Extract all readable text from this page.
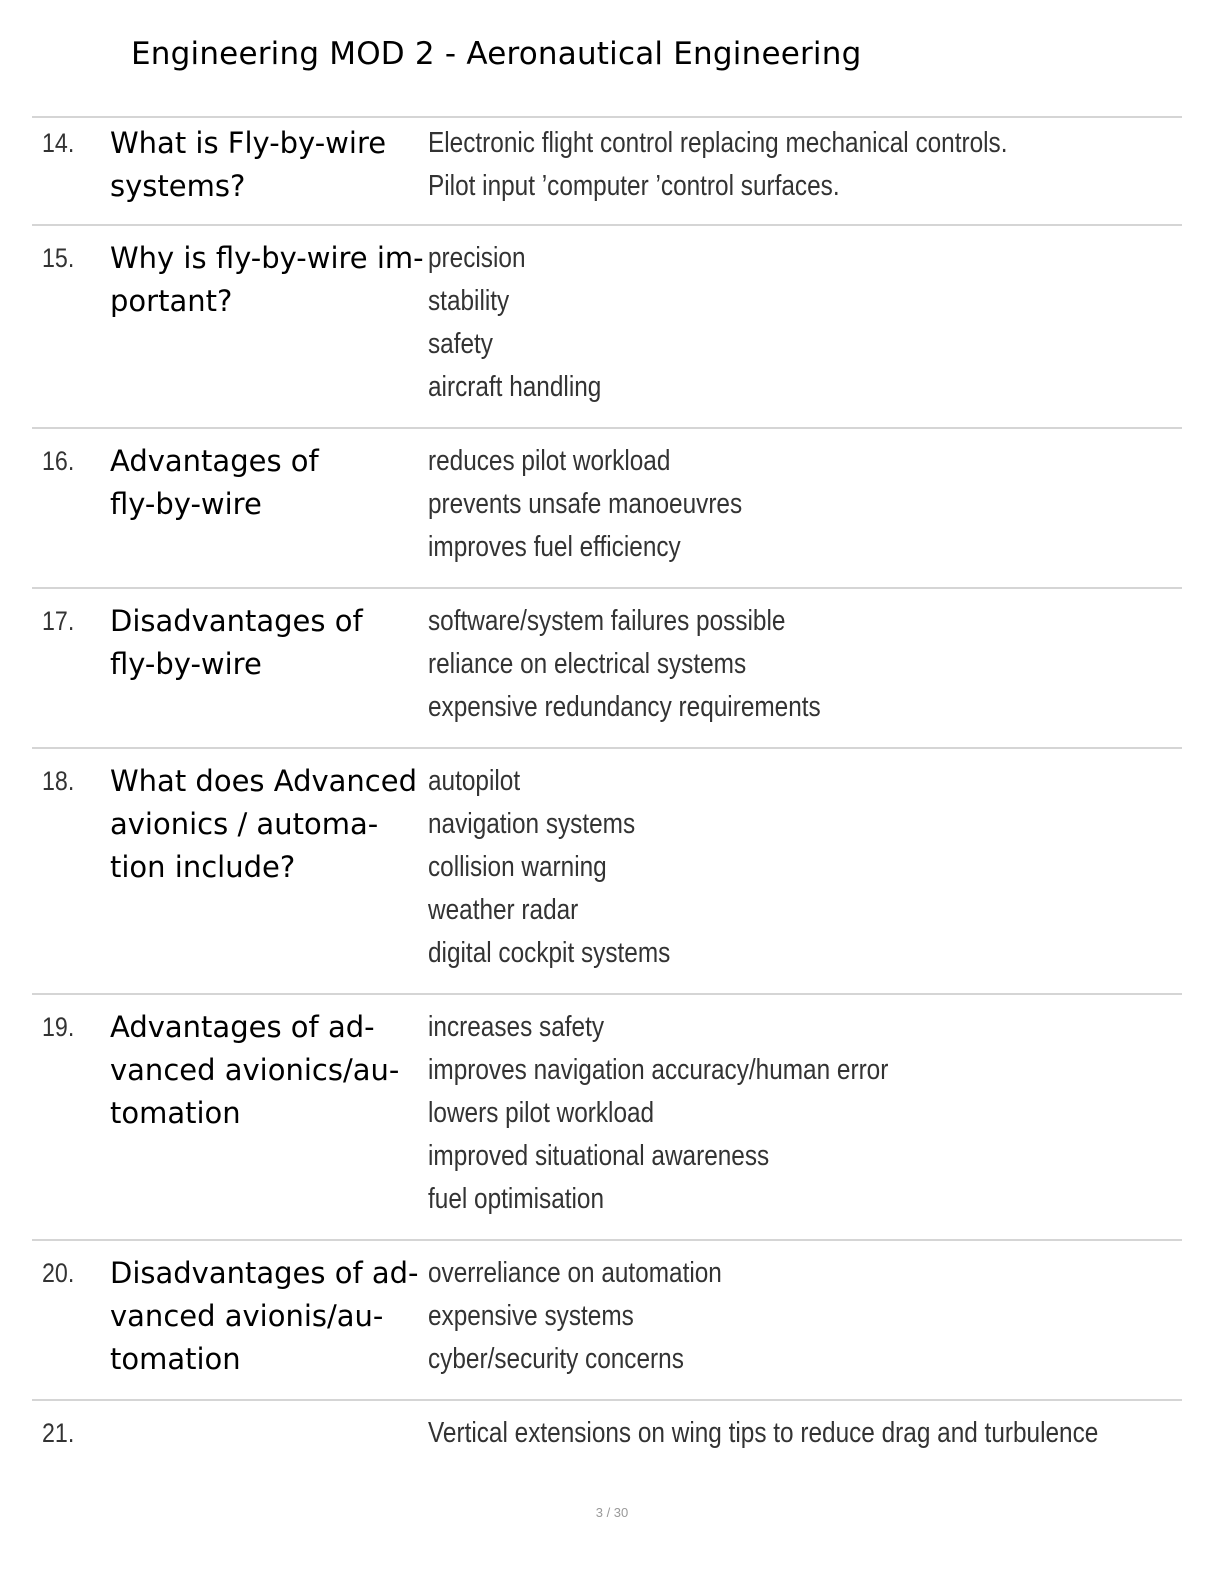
Engineering MOD 2 - Aeronautical Engineering
14. What is Fly-by-wire
systems?
Electronic flight control replacing mechanical controls.
Pilot input ’computer ’control surfaces.
15. Why is fly-by-wire im-
portant?
precision
stability
safety
aircraft handling
16. Advantages of
fly-by-wire
reduces pilot workload
prevents unsafe manoeuvres
improves fuel efficiency
17. Disadvantages of
fly-by-wire
software/system failures possible
reliance on electrical systems
expensive redundancy requirements
18. What does Advanced
avionics / automa-
tion include?
autopilot
navigation systems
collision warning
weather radar
digital cockpit systems
19. Advantages of ad-
vanced avionics/au-
tomation
increases safety
improves navigation accuracy/human error
lowers pilot workload
improved situational awareness
fuel optimisation
20. Disadvantages of ad-
vanced avionis/au-
tomation
overreliance on automation
expensive systems
cyber/security concerns
21.	Vertical extensions on wing tips to reduce drag and turbulence
3 / 30
